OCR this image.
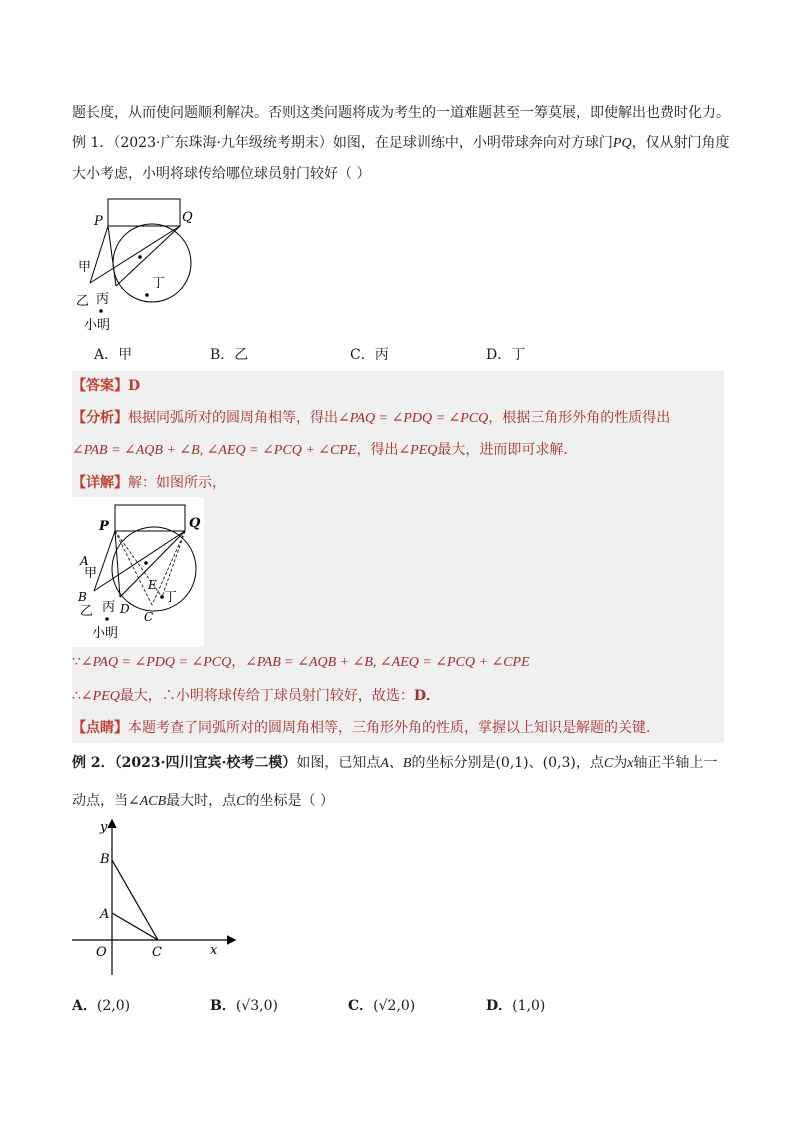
题长度，从而使问题顺利解决。否则这类问题将成为考生的一道难题甚至一筹莫展，即使解出也费时化力。
例 1．（2023·广东珠海·九年级统考期末）如图，在足球训练中，小明带球奔向对方球门PQ，仅从射门角度
大小考虑，小明将球传给哪位球员射门较好（ ）
P	Q
甲
乙 丙
丁
小明
A．甲	B．乙	C．丙	D．丁
【答案】D
【分析】根据同弧所对的圆周角相等，得出∠PAQ = ∠PDQ = ∠PCQ，根据三角形外角的性质得出
∠PAB = ∠AQB + ∠B, ∠AEQ = ∠PCQ + ∠CPE，得出∠PEQ最大，进而即可求解．
【详解】解：如图所示，
P	Q
A
甲
E
丁
B
乙 丙 D
C
小明
∵∠PAQ = ∠PDQ = ∠PCQ，∠PAB = ∠AQB + ∠B, ∠AEQ = ∠PCQ + ∠CPE
∴∠PEQ最大，∴小明将球传给丁球员射门较好，故选：D．
【点睛】本题考查了同弧所对的圆周角相等，三角形外角的性质，掌握以上知识是解题的关键．
例 2．（2023·四川宜宾·校考二模）如图，已知点A、B的坐标分别是(0,1)、(0,3)，点C为x轴正半轴上一
动点，当∠ACB最大时，点C的坐标是（ ）
y
B
A
O	C	x
A．(2,0)	B．(√3,0)	C．(√2,0)	D．(1,0)
